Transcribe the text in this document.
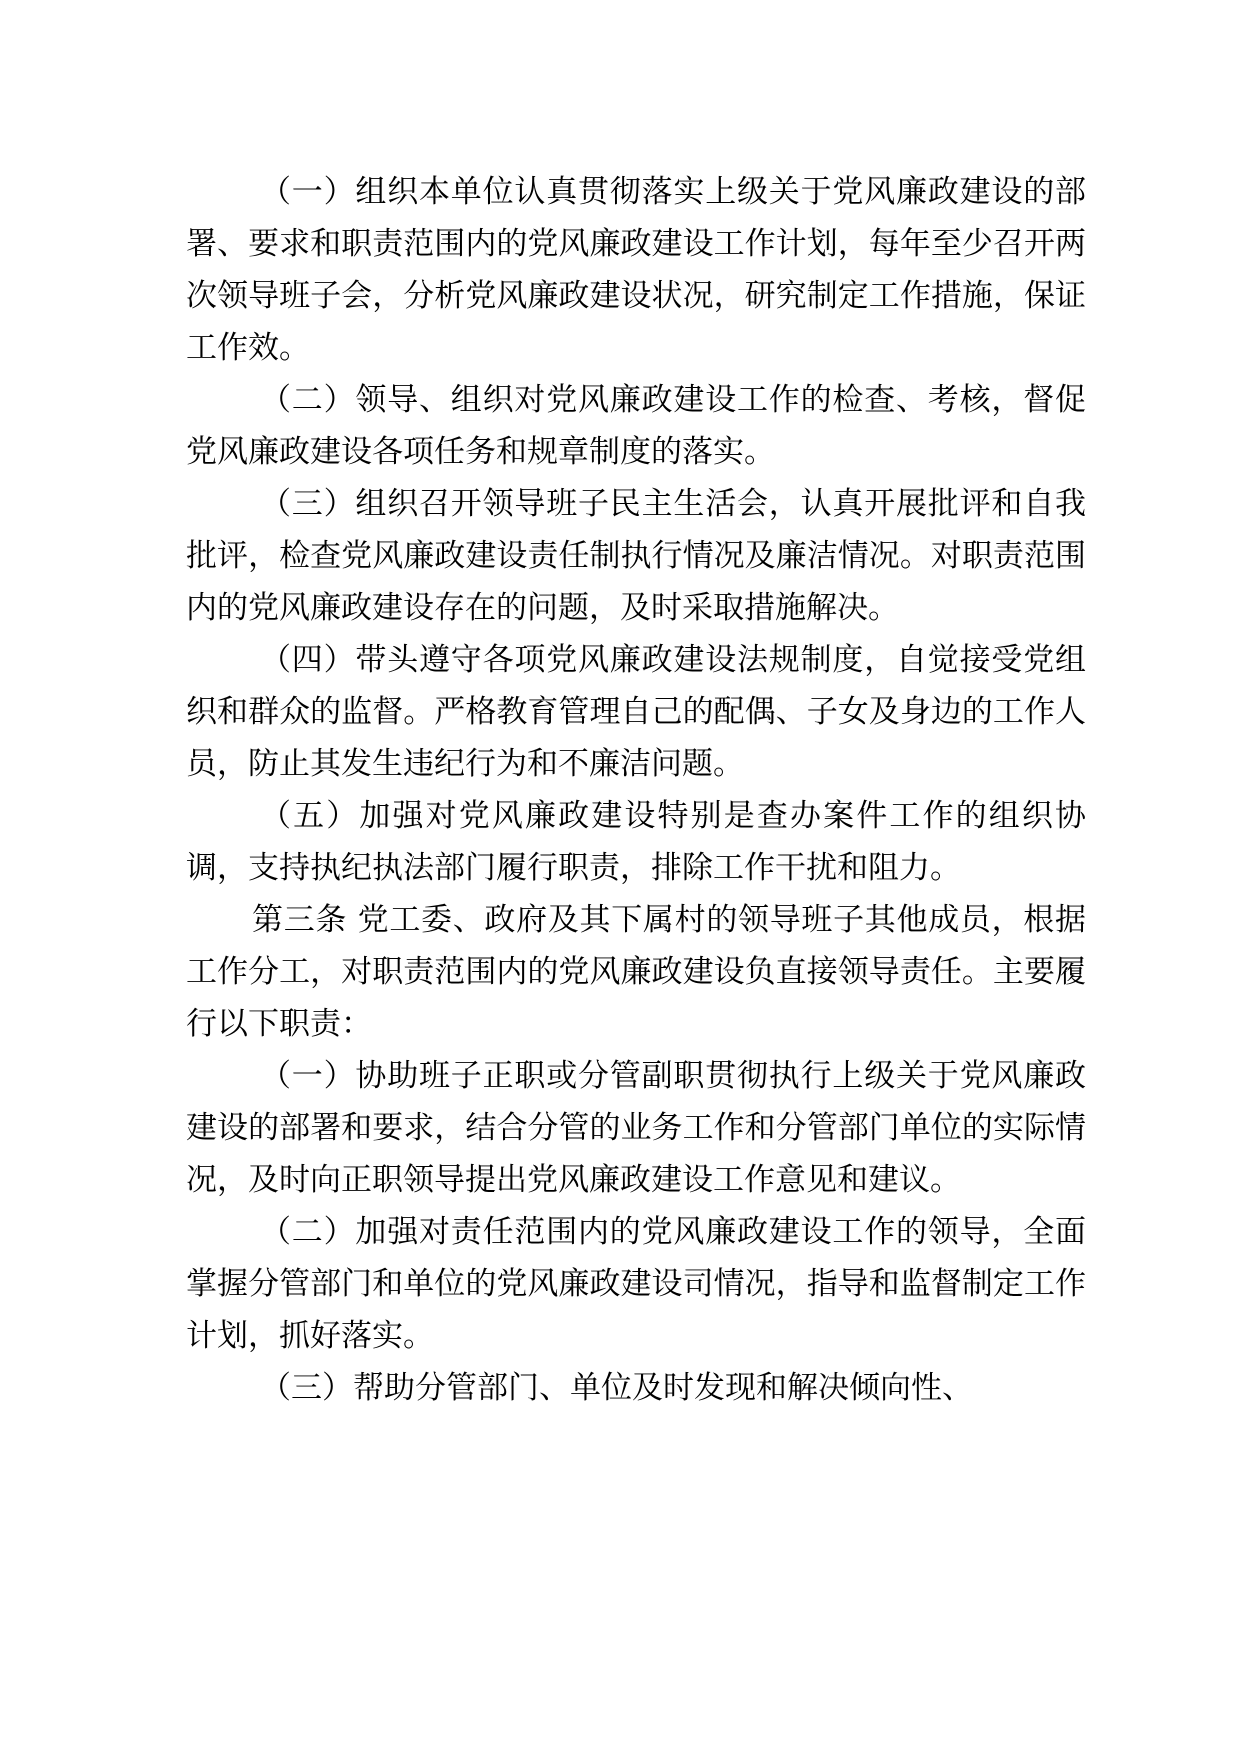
（一）组织本单位认真贯彻落实上级关于党风廉政建设的部署、要求和职责范围内的党风廉政建设工作计划，每年至少召开两次领导班子会，分析党风廉政建设状况，研究制定工作措施，保证工作效。

（二）领导、组织对党风廉政建设工作的检查、考核，督促党风廉政建设各项任务和规章制度的落实。

（三）组织召开领导班子民主生活会，认真开展批评和自我批评，检查党风廉政建设责任制执行情况及廉洁情况。对职责范围内的党风廉政建设存在的问题，及时采取措施解决。

（四）带头遵守各项党风廉政建设法规制度，自觉接受党组织和群众的监督。严格教育管理自己的配偶、子女及身边的工作人员，防止其发生违纪行为和不廉洁问题。

（五）加强对党风廉政建设特别是查办案件工作的组织协调，支持执纪执法部门履行职责，排除工作干扰和阻力。

第三条 党工委、政府及其下属村的领导班子其他成员，根据工作分工，对职责范围内的党风廉政建设负直接领导责任。主要履行以下职责：

（一）协助班子正职或分管副职贯彻执行上级关于党风廉政建设的部署和要求，结合分管的业务工作和分管部门单位的实际情况，及时向正职领导提出党风廉政建设工作意见和建议。

（二）加强对责任范围内的党风廉政建设工作的领导，全面掌握分管部门和单位的党风廉政建设司情况，指导和监督制定工作计划，抓好落实。

（三）帮助分管部门、单位及时发现和解决倾向性、
